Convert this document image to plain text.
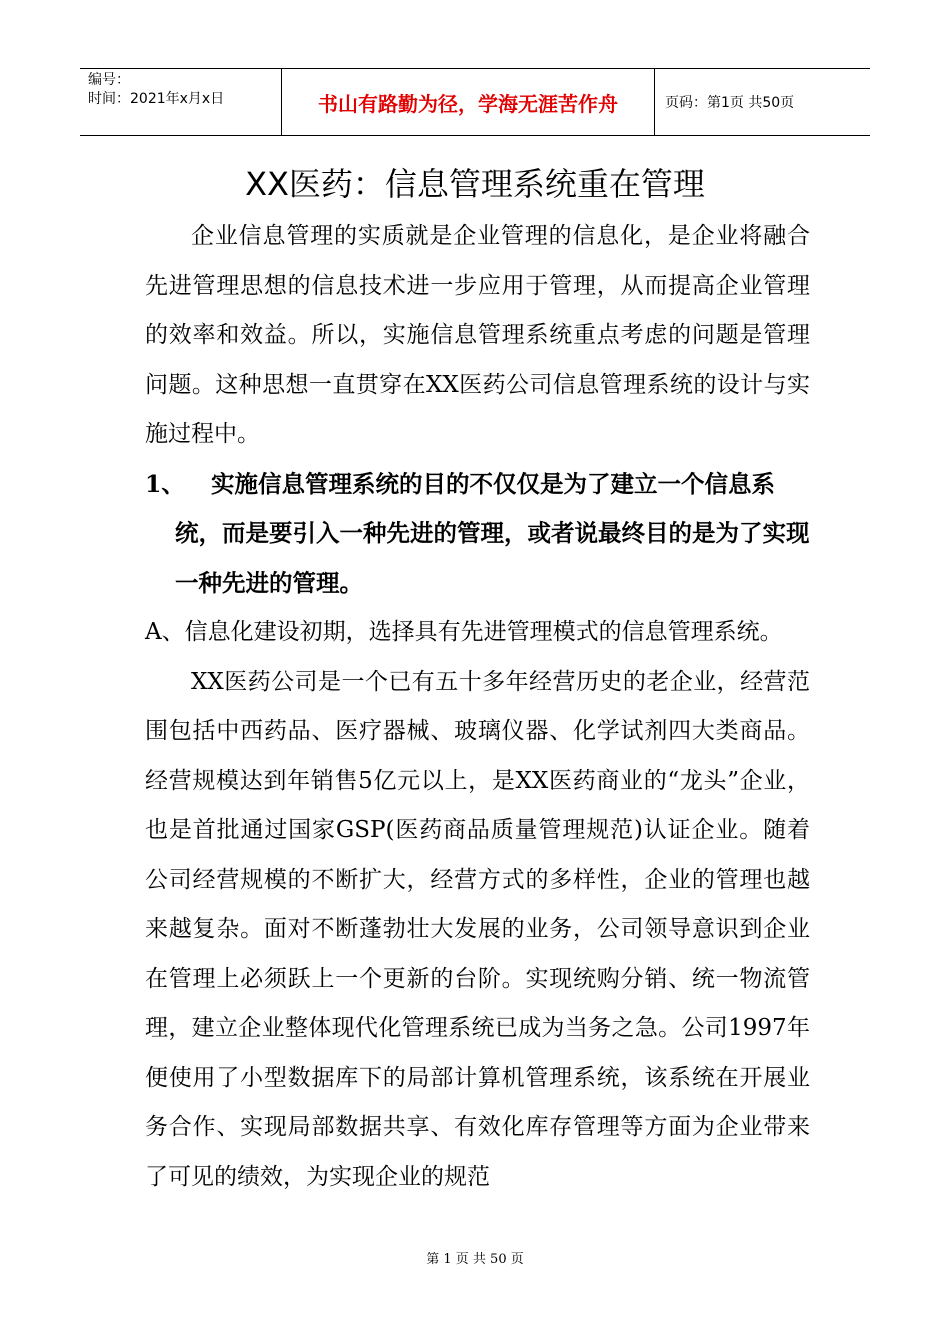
编号：
时间：2021年x月x日	书山有路勤为径，学海无涯苦作舟	页码：第1页 共50页
XX医药：信息管理系统重在管理

企业信息管理的实质就是企业管理的信息化，是企业将融合先进管理思想的信息技术进一步应用于管理，从而提高企业管理的效率和效益。所以，实施信息管理系统重点考虑的问题是管理问题。这种思想一直贯穿在XX医药公司信息管理系统的设计与实施过程中。

1、 实施信息管理系统的目的不仅仅是为了建立一个信息系统，而是要引入一种先进的管理，或者说最终目的是为了实现一种先进的管理。

A、信息化建设初期，选择具有先进管理模式的信息管理系统。

XX医药公司是一个已有五十多年经营历史的老企业，经营范围包括中西药品、医疗器械、玻璃仪器、化学试剂四大类商品。经营规模达到年销售5亿元以上，是XX医药商业的“龙头”企业，也是首批通过国家GSP(医药商品质量管理规范)认证企业。随着公司经营规模的不断扩大，经营方式的多样性，企业的管理也越来越复杂。面对不断蓬勃壮大发展的业务，公司领导意识到企业在管理上必须跃上一个更新的台阶。实现统购分销、统一物流管理，建立企业整体现代化管理系统已成为当务之急。公司1997年便使用了小型数据库下的局部计算机管理系统，该系统在开展业务合作、实现局部数据共享、有效化库存管理等方面为企业带来了可见的绩效，为实现企业的规范

第 1 页 共 50 页
